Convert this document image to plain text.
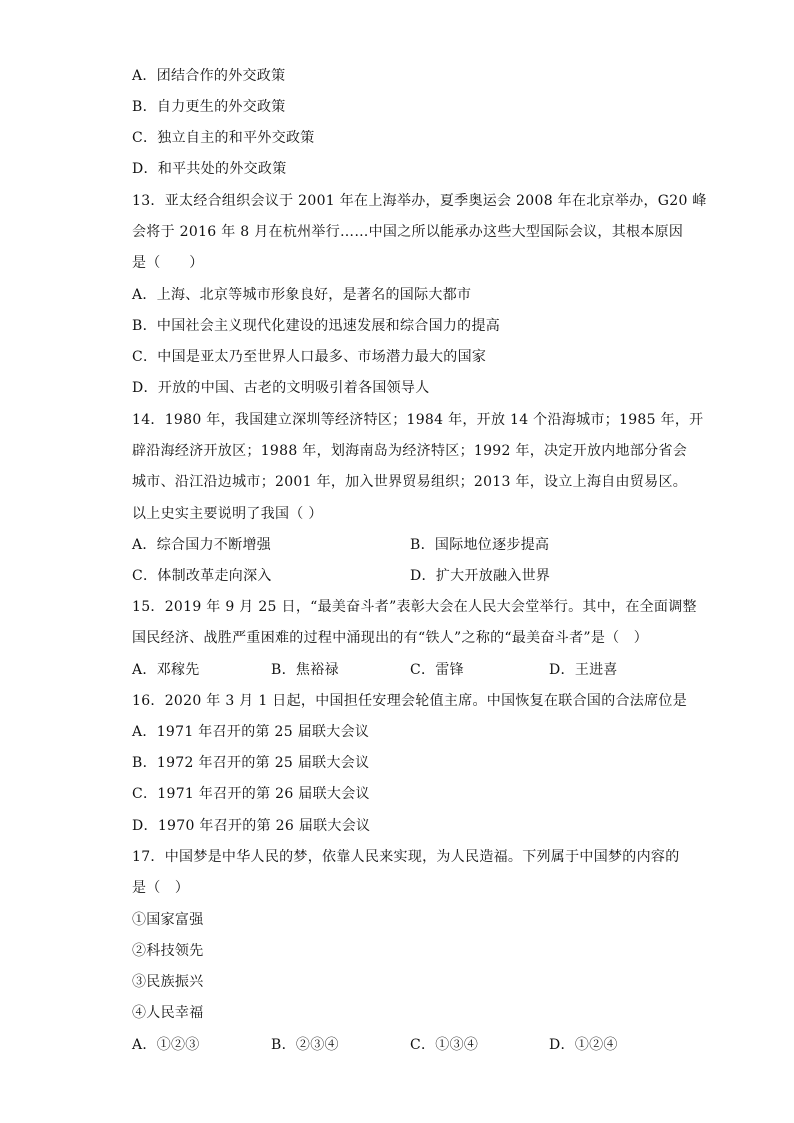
A．团结合作的外交政策
B．自力更生的外交政策
C．独立自主的和平外交政策
D．和平共处的外交政策
13．亚太经合组织会议于 2001 年在上海举办，夏季奥运会 2008 年在北京举办，G20 峰
会将于 2016 年 8 月在杭州举行……中国之所以能承办这些大型国际会议，其根本原因
是（　　）
A．上海、北京等城市形象良好，是著名的国际大都市
B．中国社会主义现代化建设的迅速发展和综合国力的提高
C．中国是亚太乃至世界人口最多、市场潜力最大的国家
D．开放的中国、古老的文明吸引着各国领导人
14．1980 年，我国建立深圳等经济特区；1984 年，开放 14 个沿海城市；1985 年，开
辟沿海经济开放区；1988 年，划海南岛为经济特区；1992 年，决定开放内地部分省会
城市、沿江沿边城市；2001 年，加入世界贸易组织；2013 年，设立上海自由贸易区。
以上史实主要说明了我国（ ）
A．综合国力不断增强	B．国际地位逐步提高
C．体制改革走向深入	D．扩大开放融入世界
15．2019 年 9 月 25 日，“最美奋斗者”表彰大会在人民大会堂举行。其中，在全面调整
国民经济、战胜严重困难的过程中涌现出的有“铁人”之称的“最美奋斗者”是（　）
A．邓稼先	B．焦裕禄	C．雷锋	D．王进喜
16．2020 年 3 月 1 日起，中国担任安理会轮值主席。中国恢复在联合国的合法席位是
A．1971 年召开的第 25 届联大会议
B．1972 年召开的第 25 届联大会议
C．1971 年召开的第 26 届联大会议
D．1970 年召开的第 26 届联大会议
17．中国梦是中华人民的梦，依靠人民来实现，为人民造福。下列属于中国梦的内容的
是（　）
①国家富强
②科技领先
③民族振兴
④人民幸福
A．①②③	B．②③④	C．①③④	D．①②④
